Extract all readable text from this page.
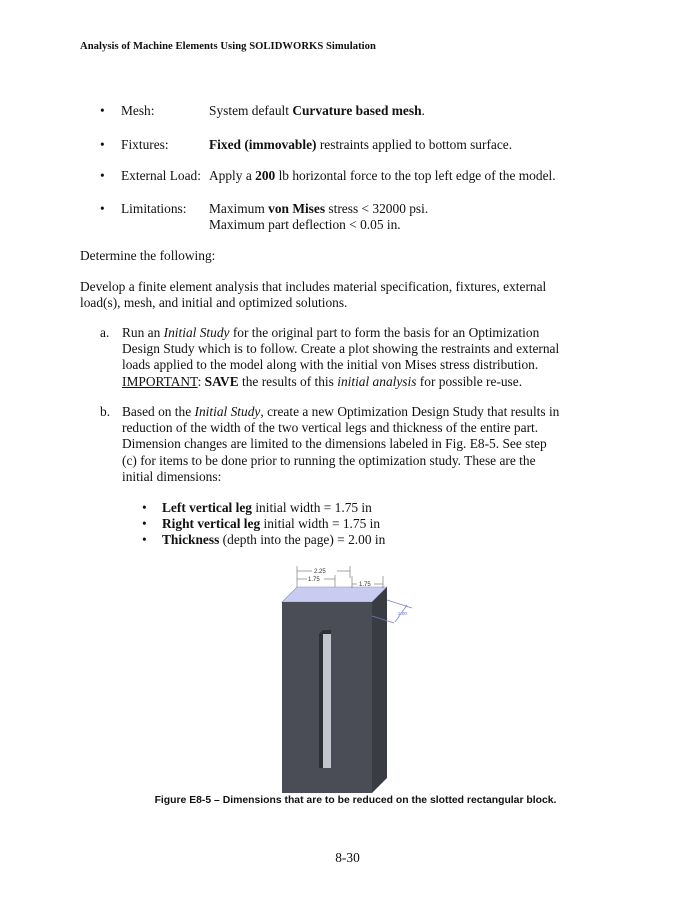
Analysis of Machine Elements Using SOLIDWORKS Simulation
•	Mesh:	System default Curvature based mesh.
•	Fixtures:	Fixed (immovable) restraints applied to bottom surface.
•	External Load: Apply a 200 lb horizontal force to the top left edge of the model.
•	Limitations: Maximum von Mises stress < 32000 psi.
Maximum part deflection < 0.05 in.
Determine the following:
Develop a finite element analysis that includes material specification, fixtures, external
load(s), mesh, and initial and optimized solutions.
a. Run an Initial Study for the original part to form the basis for an Optimization
Design Study which is to follow. Create a plot showing the restraints and external
loads applied to the model along with the initial von Mises stress distribution.
IMPORTANT: SAVE the results of this initial analysis for possible re-use.
b. Based on the Initial Study, create a new Optimization Design Study that results in
reduction of the width of the two vertical legs and thickness of the entire part.
Dimension changes are limited to the dimensions labeled in Fig. E8-5. See step
(c) for items to be done prior to running the optimization study. These are the
initial dimensions:
• Left vertical leg initial width = 1.75 in
• Right vertical leg initial width = 1.75 in
• Thickness (depth into the page) = 2.00 in
2.25
1.75
1.75
2.00
Figure E8-5 – Dimensions that are to be reduced on the slotted rectangular block.
8-30
